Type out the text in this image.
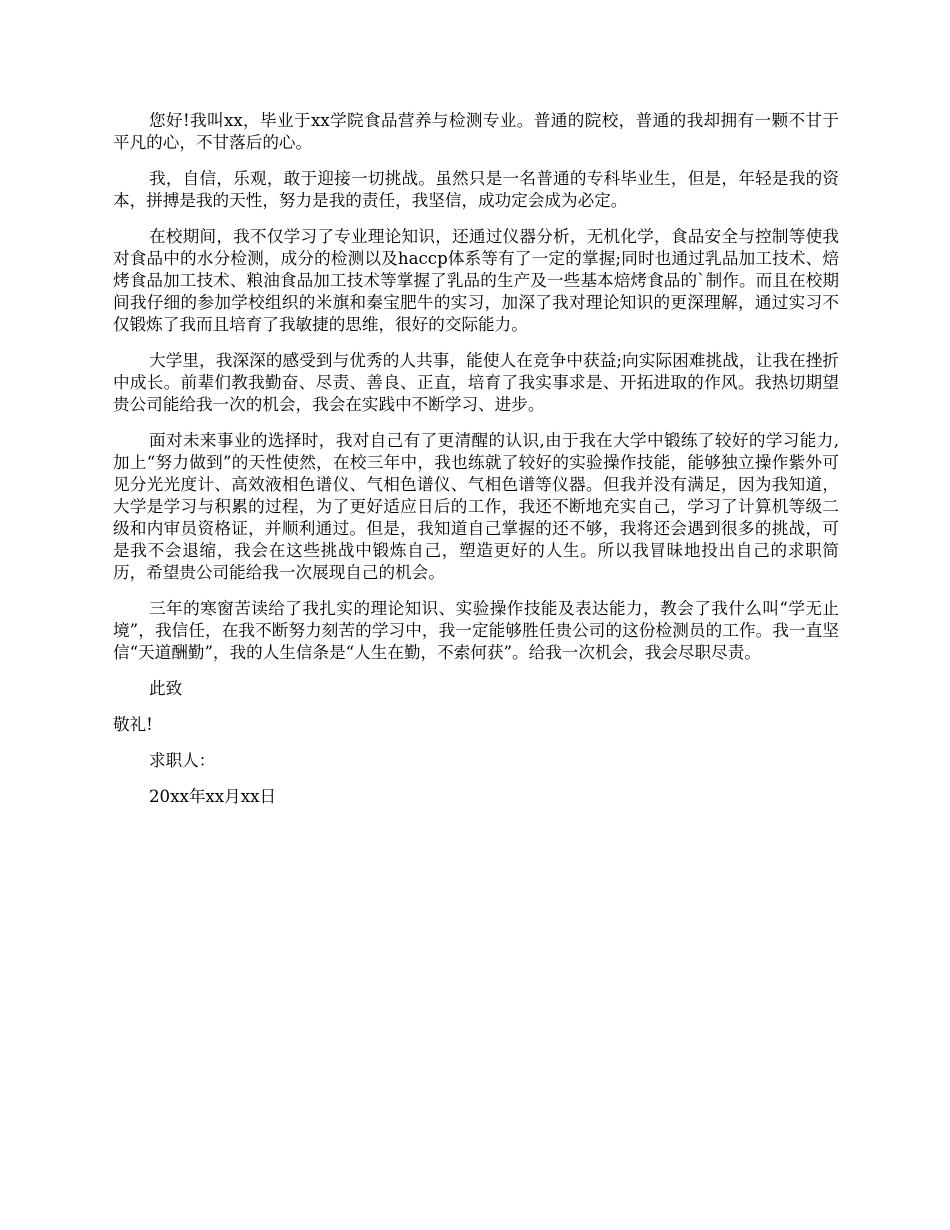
您好!我叫xx，毕业于xx学院食品营养与检测专业。普通的院校，普通的我却拥有一颗不甘于平凡的心，不甘落后的心。

我，自信，乐观，敢于迎接一切挑战。虽然只是一名普通的专科毕业生，但是，年轻是我的资本，拼搏是我的天性，努力是我的责任，我坚信，成功定会成为必定。

在校期间，我不仅学习了专业理论知识，还通过仪器分析，无机化学，食品安全与控制等使我对食品中的水分检测，成分的检测以及haccp体系等有了一定的掌握;同时也通过乳品加工技术、焙烤食品加工技术、粮油食品加工技术等掌握了乳品的生产及一些基本焙烤食品的`制作。而且在校期间我仔细的参加学校组织的米旗和秦宝肥牛的实习，加深了我对理论知识的更深理解，通过实习不仅锻炼了我而且培育了我敏捷的思维，很好的交际能力。

大学里，我深深的感受到与优秀的人共事，能使人在竞争中获益;向实际困难挑战，让我在挫折中成长。前辈们教我勤奋、尽责、善良、正直，培育了我实事求是、开拓进取的作风。我热切期望贵公司能给我一次的机会，我会在实践中不断学习、进步。

面对未来事业的选择时，我对自己有了更清醒的认识,由于我在大学中锻练了较好的学习能力,加上“努力做到”的天性使然，在校三年中，我也练就了较好的实验操作技能，能够独立操作紫外可见分光光度计、高效液相色谱仪、气相色谱仪、气相色谱等仪器。但我并没有满足，因为我知道，大学是学习与积累的过程，为了更好适应日后的工作，我还不断地充实自己，学习了计算机等级二级和内审员资格证，并顺利通过。但是，我知道自己掌握的还不够，我将还会遇到很多的挑战，可是我不会退缩，我会在这些挑战中锻炼自己，塑造更好的人生。所以我冒昧地投出自己的求职简历，希望贵公司能给我一次展现自己的机会。

三年的寒窗苦读给了我扎实的理论知识、实验操作技能及表达能力，教会了我什么叫“学无止境”，我信任，在我不断努力刻苦的学习中，我一定能够胜任贵公司的这份检测员的工作。我一直坚信“天道酬勤”，我的人生信条是“人生在勤，不索何获”。给我一次机会，我会尽职尽责。

此致

敬礼!

求职人：

20xx年xx月xx日
